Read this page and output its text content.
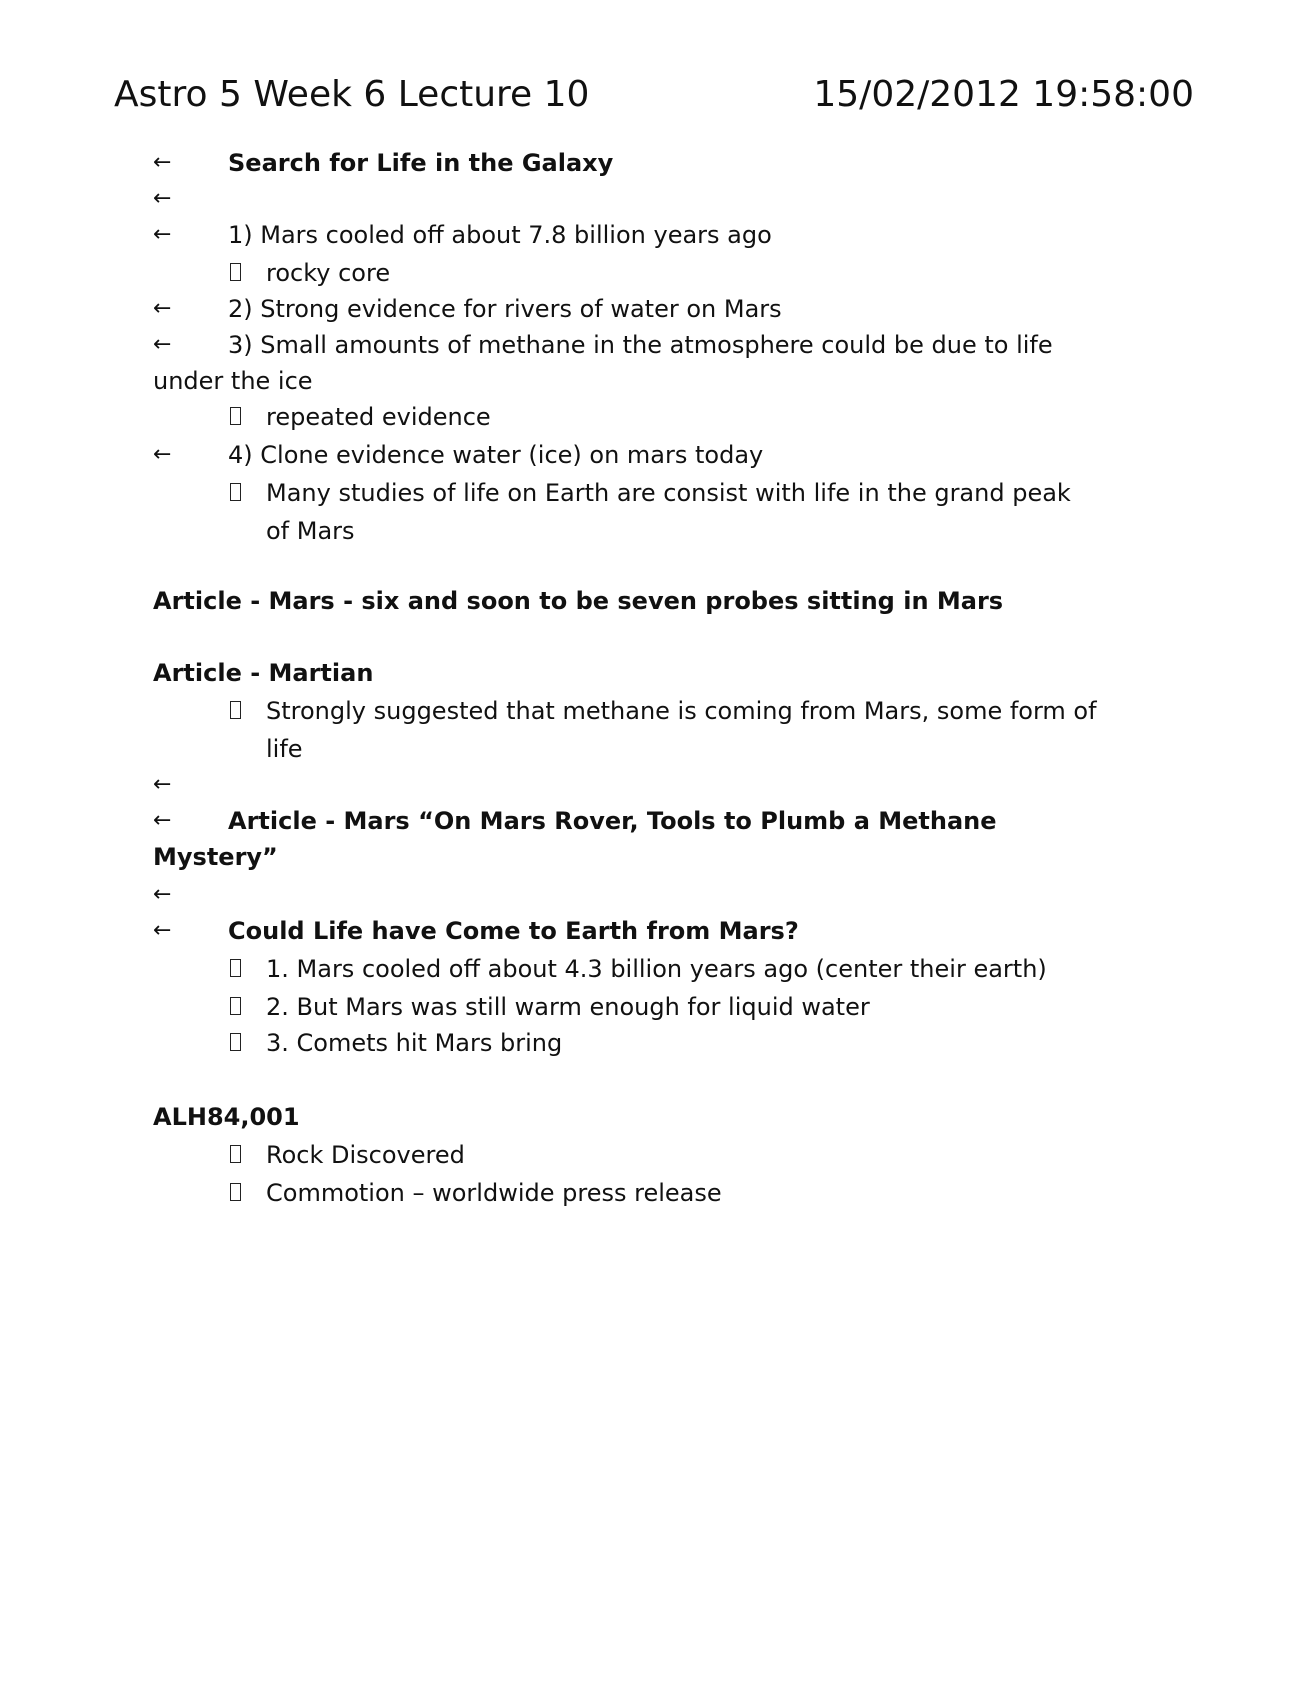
Astro 5 Week 6 Lecture 10	15/02/2012 19:58:00
← Search for Life in the Galaxy
←
← 1) Mars cooled off about 7.8 billion years ago
rocky core
← 2) Strong evidence for rivers of water on Mars
← 3) Small amounts of methane in the atmosphere could be due to life
under the ice
repeated evidence
← 4) Clone evidence water (ice) on mars today
Many studies of life on Earth are consist with life in the grand peak of Mars
Article - Mars - six and soon to be seven probes sitting in Mars
Article - Martian
Strongly suggested that methane is coming from Mars, some form of life
←
← Article - Mars “On Mars Rover, Tools to Plumb a Methane
Mystery”
←
← Could Life have Come to Earth from Mars?
1. Mars cooled off about 4.3 billion years ago (center their earth)
2. But Mars was still warm enough for liquid water
3. Comets hit Mars bring
ALH84,001
Rock Discovered
Commotion – worldwide press release
